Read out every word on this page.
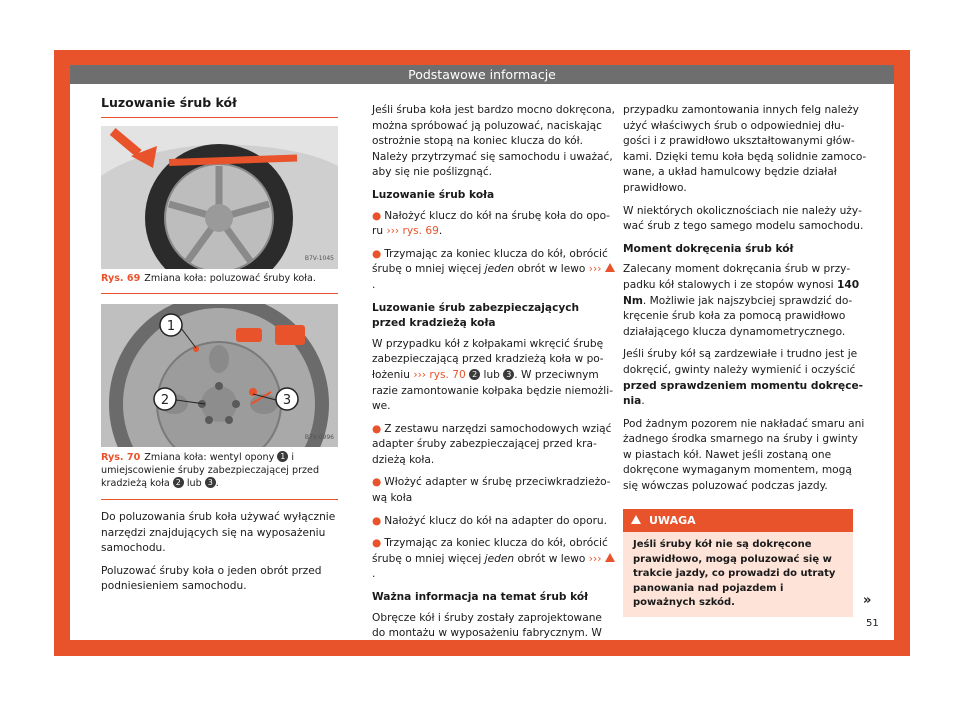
Podstawowe informacje
Luzowanie śrub kół
B7V-1045
Rys. 69 Zmiana koła: poluzować śruby koła.
1
2	3
B7V-0996
Rys. 70 Zmiana koła: wentyl opony 1 i umiejscowienie śruby zabezpieczającej przed kradzieżą koła 2 lub 3 .

Do poluzowania śrub koła używać wyłącznie narzędzi znajdujących się na wyposażeniu samochodu.

Poluzować śruby koła o jeden obrót przed podniesieniem samochodu.

Jeśli śruba koła jest bardzo mocno dokręcona, można spróbować ją poluzować, naciskając ostrożnie stopą na koniec klucza do kół. Należy przytrzymać się samochodu i uważać, aby się nie poślizgnąć.

Luzowanie śrub koła

● Nałożyć klucz do kół na śrubę koła do oporu ››› rys. 69.

● Trzymając za koniec klucza do kół, obrócić śrubę o mniej więcej jeden obrót w lewo ››› .

Luzowanie śrub zabezpieczających przed kradzieżą koła

W przypadku kół z kołpakami wkręcić śrubę zabezpieczającą przed kradzieżą koła w położeniu ››› rys. 70 2 lub 3 . W przeciwnym razie zamontowanie kołpaka będzie niemożliwe.

● Z zestawu narzędzi samochodowych wziąć adapter śruby zabezpieczającej przed kradzieżą koła.

● Włożyć adapter w śrubę przeciwkradzieżową koła

● Nałożyć klucz do kół na adapter do oporu.

● Trzymając za koniec klucza do kół, obrócić śrubę o mniej więcej jeden obrót w lewo ››› .

Ważna informacja na temat śrub kół

Obręcze kół i śruby zostały zaprojektowane do montażu w wyposażeniu fabrycznym. W

przypadku zamontowania innych felg należy użyć właściwych śrub o odpowiedniej długości i z prawidłowo ukształtowanymi główkami. Dzięki temu koła będą solidnie zamocowane, a układ hamulcowy będzie działał prawidłowo.

W niektórych okolicznościach nie należy używać śrub z tego samego modelu samochodu.

Moment dokręcenia śrub kół

Zalecany moment dokręcania śrub w przypadku kół stalowych i ze stopów wynosi 140 Nm. Możliwie jak najszybciej sprawdzić dokręcenie śrub koła za pomocą prawidłowo działającego klucza dynamometrycznego.

Jeśli śruby kół są zardzewiałe i trudno jest je dokręcić, gwinty należy wymienić i oczyścić przed sprawdzeniem momentu dokręcenia.

Pod żadnym pozorem nie nakładać smaru ani żadnego środka smarnego na śruby i gwinty w piastach kół. Nawet jeśli zostaną one dokręcone wymaganym momentem, mogą się wówczas poluzować podczas jazdy.

UWAGA
Jeśli śruby kół nie są dokręcone prawidłowo, mogą poluzować się w trakcie jazdy, co prowadzi do utraty panowania nad pojazdem i poważnych szkód.	»
51
